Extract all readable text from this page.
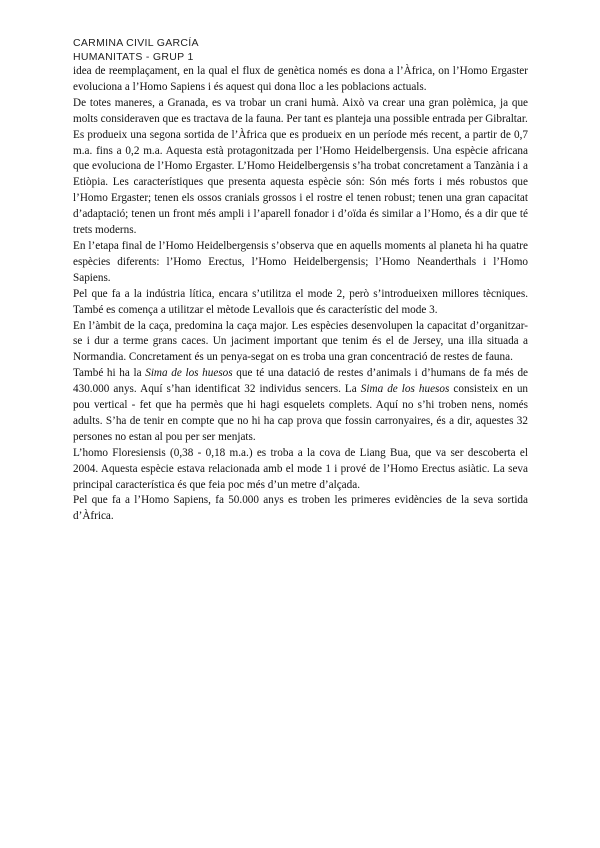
CARMINA CIVIL GARCÍA
HUMANITATS - GRUP 1

idea de reemplaçament, en la qual el flux de genètica només es dona a l’Àfrica, on l’Homo Ergaster evoluciona a l’Homo Sapiens i és aquest qui dona lloc a les poblacions actuals.

De totes maneres, a Granada, es va trobar un crani humà. Això va crear una gran polèmica, ja que molts consideraven que es tractava de la fauna. Per tant es planteja una possible entrada per Gibraltar.

Es produeix una segona sortida de l’Àfrica que es produeix en un període més recent, a partir de 0,7 m.a. fins a 0,2 m.a. Aquesta està protagonitzada per l’Homo Heidelbergensis. Una espècie africana que evoluciona de l’Homo Ergaster. L’Homo Heidelbergensis s’ha trobat concretament a Tanzània i a Etiòpia. Les característiques que presenta aquesta espècie són: Són més forts i més robustos que l’Homo Ergaster; tenen els ossos cranials grossos i el rostre el tenen robust; tenen una gran capacitat d’adaptació; tenen un front més ampli i l’aparell fonador i d’oïda és similar a l’Homo, és a dir que té trets moderns.

En l’etapa final de l’Homo Heidelbergensis s’observa que en aquells moments al planeta hi ha quatre espècies diferents: l’Homo Erectus, l’Homo Heidelbergensis; l’Homo Neanderthals i l’Homo Sapiens.

Pel que fa a la indústria lítica, encara s’utilitza el mode 2, però s’introdueixen millores tècniques. També es comença a utilitzar el mètode Levallois que és característic del mode 3.

En l’àmbit de la caça, predomina la caça major. Les espècies desenvolupen la capacitat d’organitzar-se i dur a terme grans caces. Un jaciment important que tenim és el de Jersey, una illa situada a Normandia. Concretament és un penya-segat on es troba una gran concentració de restes de fauna.

També hi ha la Sima de los huesos que té una datació de restes d’animals i d’humans de fa més de 430.000 anys. Aquí s’han identificat 32 individus sencers. La Sima de los huesos consisteix en un pou vertical - fet que ha permès que hi hagi esquelets complets. Aquí no s’hi troben nens, només adults. S’ha de tenir en compte que no hi ha cap prova que fossin carronyaires, és a dir, aquestes 32 persones no estan al pou per ser menjats.

L’homo Floresiensis (0,38 - 0,18 m.a.) es troba a la cova de Liang Bua, que va ser descoberta el 2004. Aquesta espècie estava relacionada amb el mode 1 i prové de l’Homo Erectus asiàtic. La seva principal característica és que feia poc més d’un metre d’alçada.

Pel que fa a l’Homo Sapiens, fa 50.000 anys es troben les primeres evidències de la seva sortida d’Àfrica.
